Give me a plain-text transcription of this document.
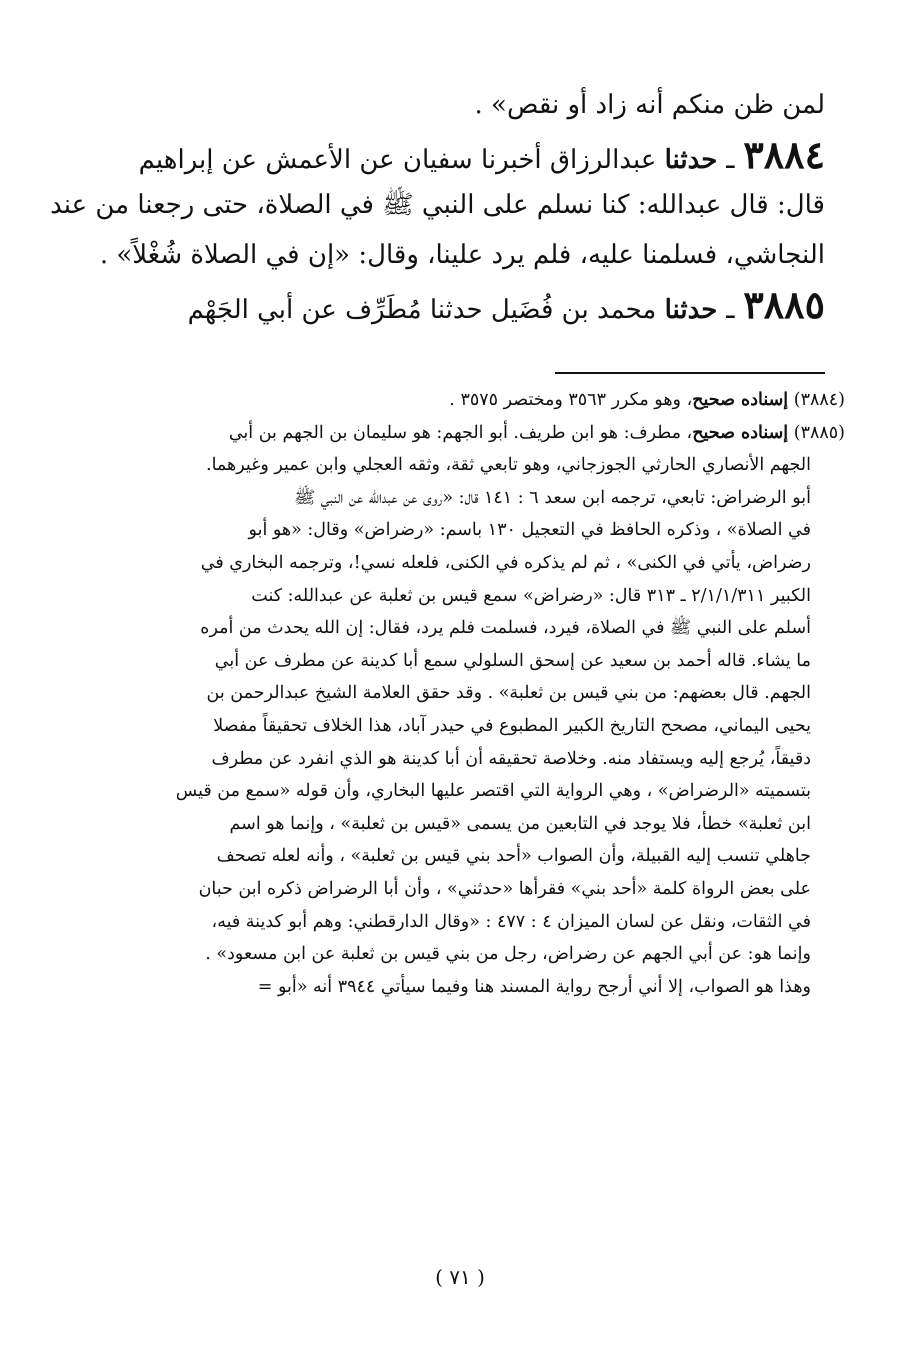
لمن ظن منكم أنه زاد أو نقص» .
٣٨٨٤ ـ حدثنا عبدالرزاق أخبرنا سفيان عن الأعمش عن إبراهيم
قال: قال عبدالله: كنا نسلم على النبي ﷺ في الصلاة، حتى رجعنا من عند
النجاشي، فسلمنا عليه، فلم يرد علينا، وقال: «إن في الصلاة شُغْلاً» .
٣٨٨٥ ـ حدثنا محمد بن فُضَيل حدثنا مُطَرِّف عن أبي الجَهْم
(٣٨٨٤) إسناده صحيح، وهو مكرر ٣٥٦٣ ومختصر ٣٥٧٥ .
(٣٨٨٥) إسناده صحيح، مطرف: هو ابن طريف. أبو الجهم: هو سليمان بن الجهم بن أبي
الجهم الأنصاري الحارثي الجوزجاني، وهو تابعي ثقة، وثقه العجلي وابن عمير وغيرهما.
أبو الرضراض: تابعي، ترجمه ابن سعد ٦ : ١٤١ قال: «روى عن عبدالله عن النبي ﷺ
في الصلاة» ، وذكره الحافظ في التعجيل ١٣٠ باسم: «رضراض» وقال: «هو أبو
رضراض، يأتي في الكنى» ، ثم لم يذكره في الكنى، فلعله نسي!، وترجمه البخاري في
الكبير ٢/١/١/٣١١ ـ ٣١٣ قال: «رضراض» سمع قيس بن ثعلبة عن عبدالله: كنت
أسلم على النبي ﷺ في الصلاة، فيرد، فسلمت فلم يرد، فقال: إن الله يحدث من أمره
ما يشاء. قاله أحمد بن سعيد عن إسحق السلولي سمع أبا كدينة عن مطرف عن أبي
الجهم. قال بعضهم: من بني قيس بن ثعلبة» . وقد حقق العلامة الشيخ عبدالرحمن بن
يحيى اليماني، مصحح التاريخ الكبير المطبوع في حيدر آباد، هذا الخلاف تحقيقاً مفصلا
دقيقاً، يُرجع إليه ويستفاد منه. وخلاصة تحقيقه أن أبا كدينة هو الذي انفرد عن مطرف
بتسميته «الرضراض» ، وهي الرواية التي اقتصر عليها البخاري، وأن قوله «سمع من قيس
ابن ثعلبة» خطأ، فلا يوجد في التابعين من يسمى «قيس بن ثعلبة» ، وإنما هو اسم
جاهلي تنسب إليه القبيلة، وأن الصواب «أحد بني قيس بن ثعلبة» ، وأنه لعله تصحف
على بعض الرواة كلمة «أحد بني» فقرأها «حدثني» ، وأن أبا الرضراض ذكره ابن حبان
في الثقات، ونقل عن لسان الميزان ٤ : ٤٧٧ : «وقال الدارقطني: وهم أبو كدينة فيه،
وإنما هو: عن أبي الجهم عن رضراض، رجل من بني قيس بن ثعلبة عن ابن مسعود» .
وهذا هو الصواب، إلا أني أرجح رواية المسند هنا وفيما سيأتي ٣٩٤٤ أنه «أبو =
( ٧١ )
